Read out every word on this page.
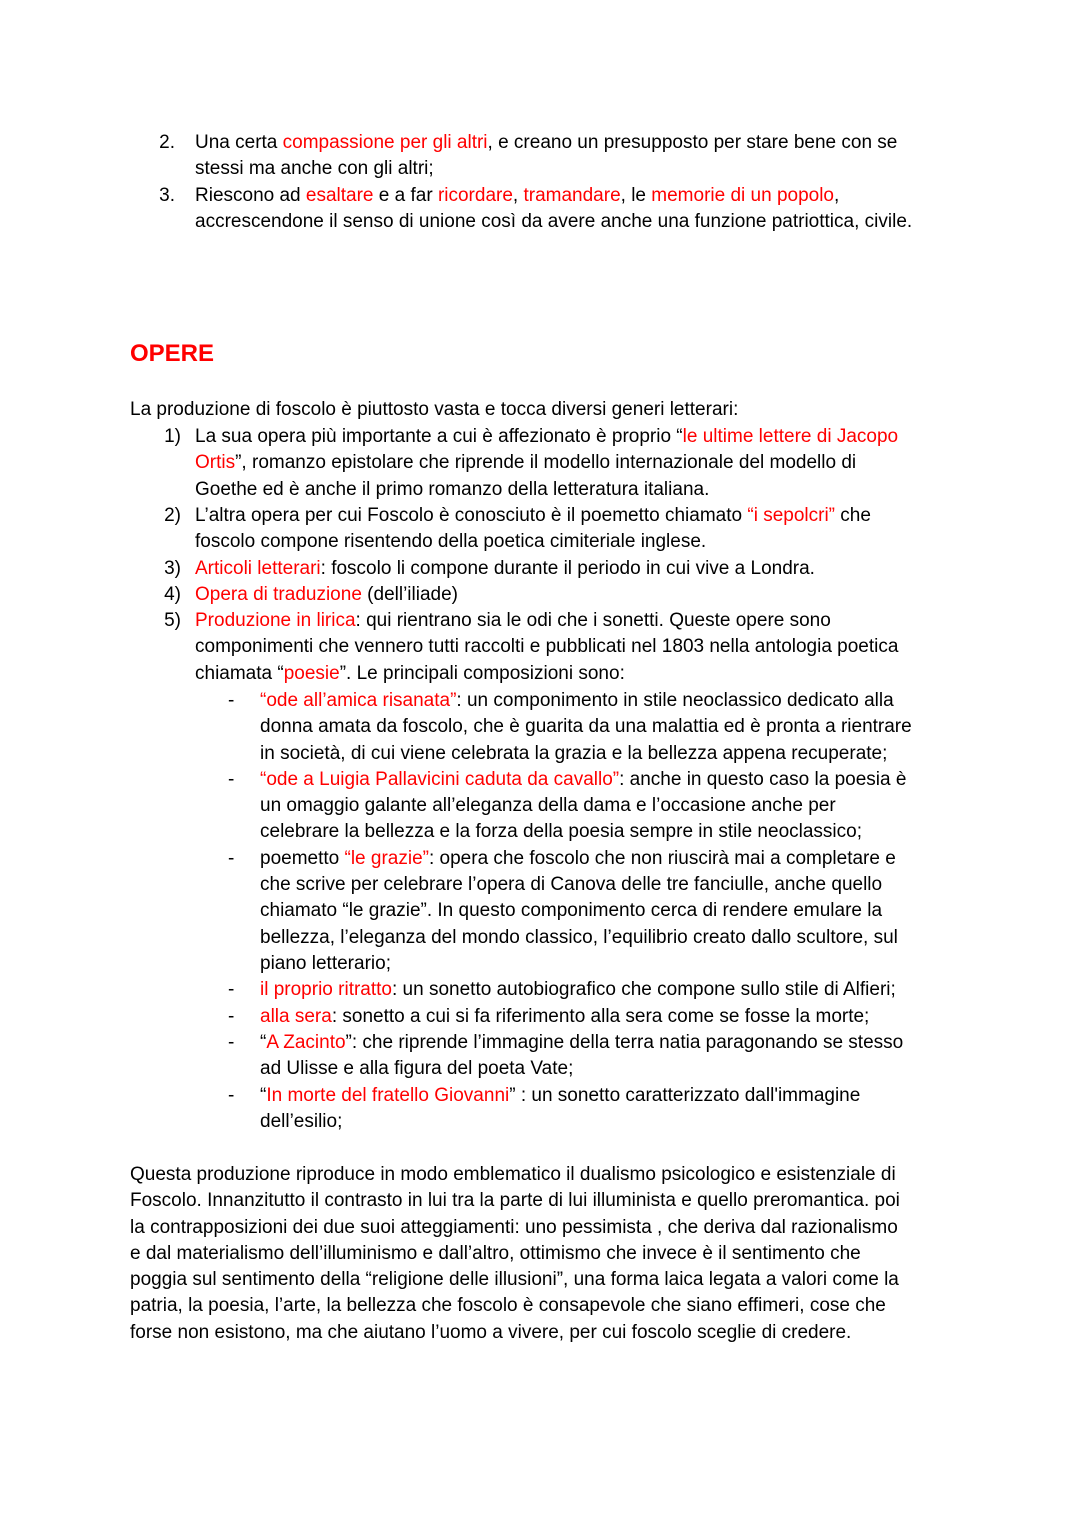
2. Una certa compassione per gli altri, e creano un presupposto per stare bene con se
stessi ma anche con gli altri;
3. Riescono ad esaltare e a far ricordare, tramandare, le memorie di un popolo,
accrescendone il senso di unione così da avere anche una funzione patriottica, civile.
OPERE
La produzione di foscolo è piuttosto vasta e tocca diversi generi letterari:
1) La sua opera più importante a cui è affezionato è proprio “le ultime lettere di Jacopo
Ortis”, romanzo epistolare che riprende il modello internazionale del modello di
Goethe ed è anche il primo romanzo della letteratura italiana.
2) L’altra opera per cui Foscolo è conosciuto è il poemetto chiamato “i sepolcri” che
foscolo compone risentendo della poetica cimiteriale inglese.
3) Articoli letterari: foscolo li compone durante il periodo in cui vive a Londra.
4) Opera di traduzione (dell’iliade)
5) Produzione in lirica: qui rientrano sia le odi che i sonetti. Queste opere sono
componimenti che vennero tutti raccolti e pubblicati nel 1803 nella antologia poetica
chiamata “poesie”. Le principali composizioni sono:
- “ode all’amica risanata”: un componimento in stile neoclassico dedicato alla
donna amata da foscolo, che è guarita da una malattia ed è pronta a rientrare
in società, di cui viene celebrata la grazia e la bellezza appena recuperate;
- “ode a Luigia Pallavicini caduta da cavallo”: anche in questo caso la poesia è
un omaggio galante all’eleganza della dama e l’occasione anche per
celebrare la bellezza e la forza della poesia sempre in stile neoclassico;
- poemetto “le grazie”: opera che foscolo che non riuscirà mai a completare e
che scrive per celebrare l’opera di Canova delle tre fanciulle, anche quello
chiamato “le grazie”. In questo componimento cerca di rendere emulare la
bellezza, l’eleganza del mondo classico, l’equilibrio creato dallo scultore, sul
piano letterario;
- il proprio ritratto: un sonetto autobiografico che compone sullo stile di Alfieri;
- alla sera: sonetto a cui si fa riferimento alla sera come se fosse la morte;
- “A Zacinto”: che riprende l’immagine della terra natia paragonando se stesso
ad Ulisse e alla figura del poeta Vate;
- “In morte del fratello Giovanni” : un sonetto caratterizzato dall'immagine
dell’esilio;
Questa produzione riproduce in modo emblematico il dualismo psicologico e esistenziale di
Foscolo. Innanzitutto il contrasto in lui tra la parte di lui illuminista e quello preromantica. poi
la contrapposizioni dei due suoi atteggiamenti: uno pessimista , che deriva dal razionalismo
e dal materialismo dell’illuminismo e dall’altro, ottimismo che invece è il sentimento che
poggia sul sentimento della “religione delle illusioni”, una forma laica legata a valori come la
patria, la poesia, l’arte, la bellezza che foscolo è consapevole che siano effimeri, cose che
forse non esistono, ma che aiutano l’uomo a vivere, per cui foscolo sceglie di credere.
